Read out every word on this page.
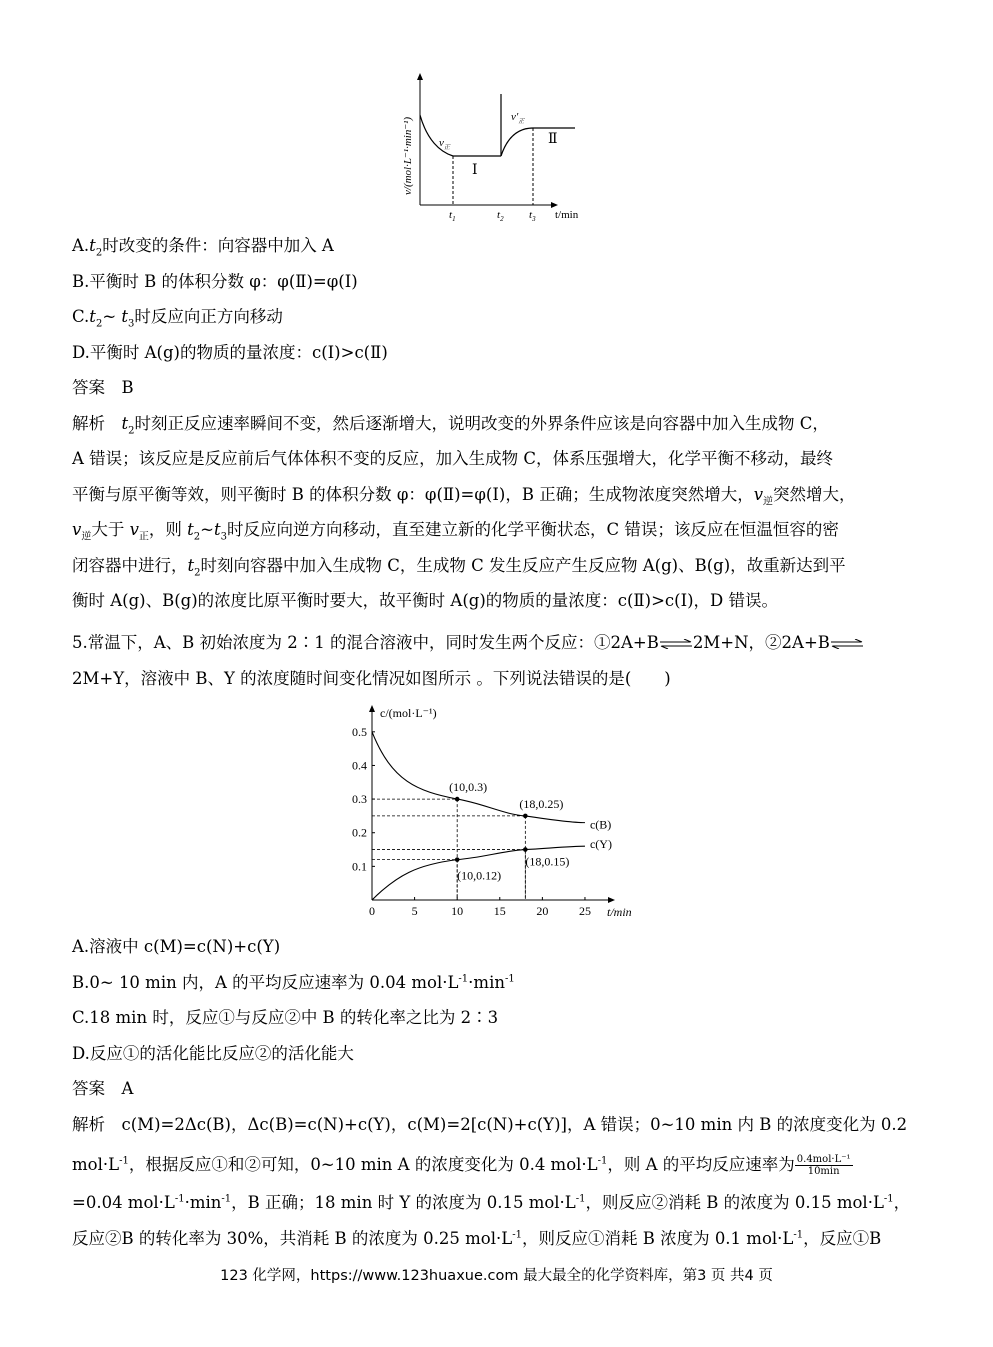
v/(mol·L⁻¹·min⁻¹)
t/min
$t_1$	$t_2$ $t_3$
$v_正$
$v'_正$
Ⅰ
Ⅱ
$A.t_2$时改变的条件：向容器中加入 A
B.平衡时 B 的体积分数 φ：φ(Ⅱ)=φ(Ⅰ)
$C.t_2\sim$ $t_3$时反应向正方向移动
D.平衡时 A(g)的物质的量浓度：c(Ⅰ)>c(Ⅱ)
答案　B
解析　$t_2$时刻正反应速率瞬间不变，然后逐渐增大，说明改变的外界条件应该是向容器中加入生成物 C，
A 错误；该反应是反应前后气体体积不变的反应，加入生成物 C，体系压强增大，化学平衡不移动，最终
平衡与原平衡等效，则平衡时 B 的体积分数 φ：φ(Ⅱ)=φ(Ⅰ)，B 正确；生成物浓度突然增大，$v_逆$突然增大，
$v_逆$大于 $v_正$，则 $t_2\sim t_3$时反应向逆方向移动，直至建立新的化学平衡状态，C 错误；该反应在恒温恒容的密
闭容器中进行，$t_2$时刻向容器中加入生成物 C，生成物 C 发生反应产生反应物 A(g)、B(g)，故重新达到平
衡时 A(g)、B(g)的浓度比原平衡时要大，故平衡时 A(g)的物质的量浓度：c(Ⅱ)>c(Ⅰ)，D 错误。
5.常温下，A、B 初始浓度为 2∶1 的混合溶液中，同时发生两个反应：①2A+B⇌2M+N，②2A+B⇌
2M+Y，溶液中 B、Y 的浓度随时间变化情况如图所示 。下列说法错误的是(　　)
c/(mol·L⁻¹)
t/min
0	5	10	15	20	25
0.1
0.2
0.3
0.4
0.5
c(B)
c(Y)
(10,0.3)
(18,0.25)
(10,0.12)
(18,0.15)
A.溶液中 c(M)=c(N)+c(Y)
B.0~ 10 min 内，A 的平均反应速率为 0.04 $mol\cdot L^{-1}\cdot\min^{-1}$
C.18 min 时，反应①与反应②中 B 的转化率之比为 2∶3
D.反应①的活化能比反应②的活化能大
答案　A
解析　c(M)=2Δc(B)，Δc(B)=c(N)+c(Y)，c(M)=2[c(N)+c(Y)]，A 错误；0~10 min 内 B 的浓度变化为 0.2
$mol\cdot L^{-1}$，根据反应①和②可知，0~10 min A 的浓度变化为 0.4 $mol\cdot L^{-1}$，则 A 的平均反应速率为 $\frac{\text{0.4mol·L⁻¹}}{10\min}$
=0.04 $mol\cdot L^{-1}\cdot\min^{-1}$，B 正确；18 min 时 Y 的浓度为 0.15 $mol\cdot L^{-1}$，则反应②消耗 B 的浓度为 0.15 $mol\cdot L^{-1}$，
反应②B 的转化率为 30%，共消耗 B 的浓度为 0.25 $mol\cdot L^{-1}$，则反应①消耗 B 浓度为 0.1 $mol\cdot L^{-1}$，反应①B
123 化学网，https://www.123huaxue.com 最大最全的化学资料库，第3 页 共4 页
